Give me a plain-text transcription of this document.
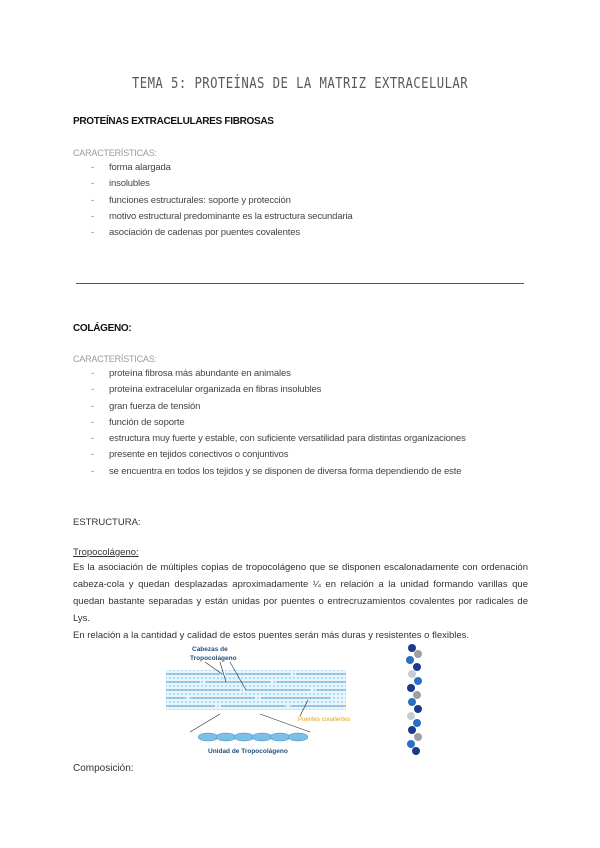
TEMA 5: PROTEÍNAS DE LA MATRIZ EXTRACELULAR
PROTEÍNAS EXTRACELULARES FIBROSAS
CARACTERÍSTICAS:
- forma alargada
- insolubles
- funciones estructurales: soporte y protección
- motivo estructural predominante es la estructura secundaria
- asociación de cadenas por puentes covalentes
COLÁGENO:
CARACTERÍSTICAS:
- proteína fibrosa más abundante en animales
- proteína extracelular organizada en fibras insolubles
- gran fuerza de tensión
- función de soporte
- estructura muy fuerte y estable, con suficiente versatilidad para distintas organizaciones
- presente en tejidos conectivos o conjuntivos
- se encuentra en todos los tejidos y se disponen de diversa forma dependiendo de este
ESTRUCTURA:
Tropocolágeno:

Es la asociación de múltiples copias de tropocolágeno que se disponen escalonadamente con ordenación cabeza-cola y quedan desplazadas aproximadamente ¼ en relación a la unidad formando varillas que quedan bastante separadas y están unidas por puentes o entrecruzamientos covalentes por radicales de Lys.

En relación a la cantidad y calidad de estos puentes serán más duras y resistentes o flexibles.

Cabezas de
Tropocolágeno
Puentes covalentes
Unidad de Tropocolágeno
Composición:
